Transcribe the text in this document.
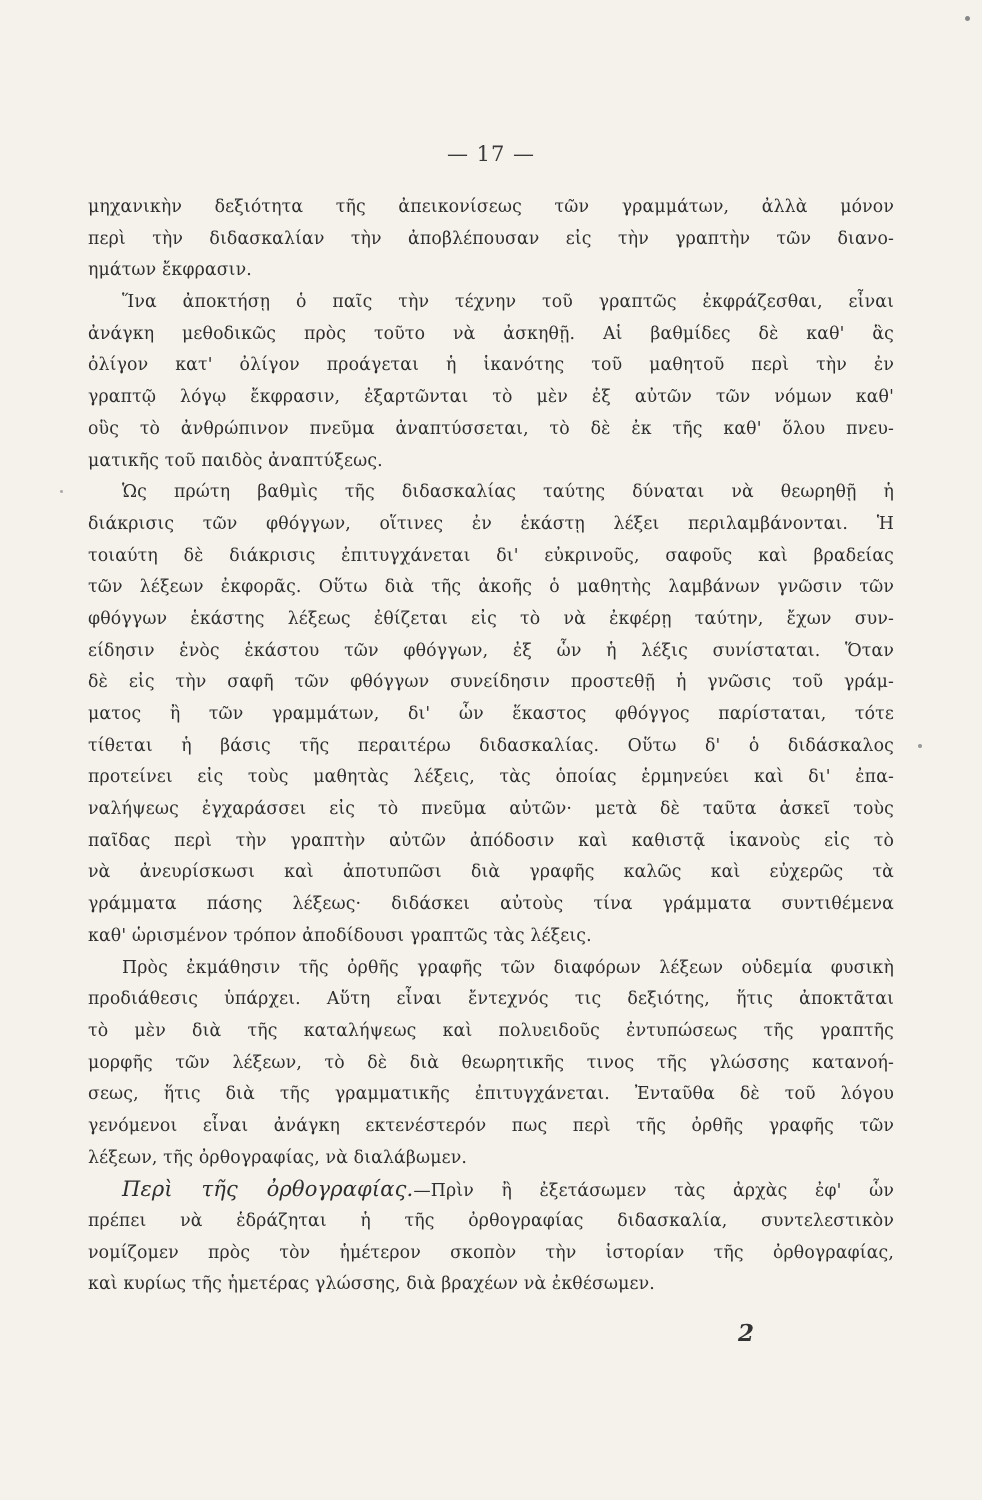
— 17 —
μηχανικὴν δεξιότητα τῆς ἀπεικονίσεως τῶν γραμμάτων, ἀλλὰ μόνον
περὶ τὴν διδασκαλίαν τὴν ἀποβλέπουσαν εἰς τὴν γραπτὴν τῶν διανο-
ημάτων ἔκφρασιν.
Ἵνα ἀποκτήσῃ ὁ παῖς τὴν τέχνην τοῦ γραπτῶς ἐκφράζεσθαι, εἶναι
ἀνάγκη μεθοδικῶς πρὸς τοῦτο νὰ ἀσκηθῇ. Αἱ βαθμίδες δὲ καθ' ἃς
ὀλίγον κατ' ὀλίγον προάγεται ἡ ἱκανότης τοῦ μαθητοῦ περὶ τὴν ἐν
γραπτῷ λόγῳ ἔκφρασιν, ἐξαρτῶνται τὸ μὲν ἐξ αὐτῶν τῶν νόμων καθ'
οὓς τὸ ἀνθρώπινον πνεῦμα ἀναπτύσσεται, τὸ δὲ ἐκ τῆς καθ' ὅλου πνευ-
ματικῆς τοῦ παιδὸς ἀναπτύξεως.
Ὡς πρώτη βαθμὶς τῆς διδασκαλίας ταύτης δύναται νὰ θεωρηθῇ ἡ
διάκρισις τῶν φθόγγων, οἵτινες ἐν ἑκάστῃ λέξει περιλαμβάνονται. Ἡ
τοιαύτη δὲ διάκρισις ἐπιτυγχάνεται δι' εὐκρινοῦς, σαφοῦς καὶ βραδείας
τῶν λέξεων ἐκφορᾶς. Οὕτω διὰ τῆς ἀκοῆς ὁ μαθητὴς λαμβάνων γνῶσιν τῶν
φθόγγων ἑκάστης λέξεως ἐθίζεται εἰς τὸ νὰ ἐκφέρῃ ταύτην, ἔχων συν-
είδησιν ἑνὸς ἑκάστου τῶν φθόγγων, ἐξ ὧν ἡ λέξις συνίσταται. Ὅταν
δὲ εἰς τὴν σαφῆ τῶν φθόγγων συνείδησιν προστεθῇ ἡ γνῶσις τοῦ γράμ-
ματος ἢ τῶν γραμμάτων, δι' ὧν ἕκαστος φθόγγος παρίσταται, τότε
τίθεται ἡ βάσις τῆς περαιτέρω διδασκαλίας. Οὕτω δ' ὁ διδάσκαλος
προτείνει εἰς τοὺς μαθητὰς λέξεις, τὰς ὁποίας ἑρμηνεύει καὶ δι' ἐπα-
ναλήψεως ἐγχαράσσει εἰς τὸ πνεῦμα αὐτῶν· μετὰ δὲ ταῦτα ἀσκεῖ τοὺς
παῖδας περὶ τὴν γραπτὴν αὐτῶν ἀπόδοσιν καὶ καθιστᾷ ἱκανοὺς εἰς τὸ
νὰ ἀνευρίσκωσι καὶ ἀποτυπῶσι διὰ γραφῆς καλῶς καὶ εὐχερῶς τὰ
γράμματα πάσης λέξεως· διδάσκει αὐτοὺς τίνα γράμματα συντιθέμενα
καθ' ὡρισμένον τρόπον ἀποδίδουσι γραπτῶς τὰς λέξεις.
Πρὸς ἐκμάθησιν τῆς ὀρθῆς γραφῆς τῶν διαφόρων λέξεων οὐδεμία φυσικὴ
προδιάθεσις ὑπάρχει. Αὕτη εἶναι ἔντεχνός τις δεξιότης, ἥτις ἀποκτᾶται
τὸ μὲν διὰ τῆς καταλήψεως καὶ πολυειδοῦς ἐντυπώσεως τῆς γραπτῆς
μορφῆς τῶν λέξεων, τὸ δὲ διὰ θεωρητικῆς τινος τῆς γλώσσης κατανοή-
σεως, ἥτις διὰ τῆς γραμματικῆς ἐπιτυγχάνεται. Ἐνταῦθα δὲ τοῦ λόγου
γενόμενοι εἶναι ἀνάγκη εκτενέστερόν πως περὶ τῆς ὀρθῆς γραφῆς τῶν
λέξεων, τῆς ὀρθογραφίας, νὰ διαλάβωμεν.
Περὶ τῆς ὀρθογραφίας.—Πρὶν ἢ ἐξετάσωμεν τὰς ἀρχὰς ἐφ' ὧν
πρέπει νὰ ἑδράζηται ἡ τῆς ὀρθογραφίας διδασκαλία, συντελεστικὸν
νομίζομεν πρὸς τὸν ἡμέτερον σκοπὸν τὴν ἱστορίαν τῆς ὀρθογραφίας,
καὶ κυρίως τῆς ἡμετέρας γλώσσης, διὰ βραχέων νὰ ἐκθέσωμεν.
2
